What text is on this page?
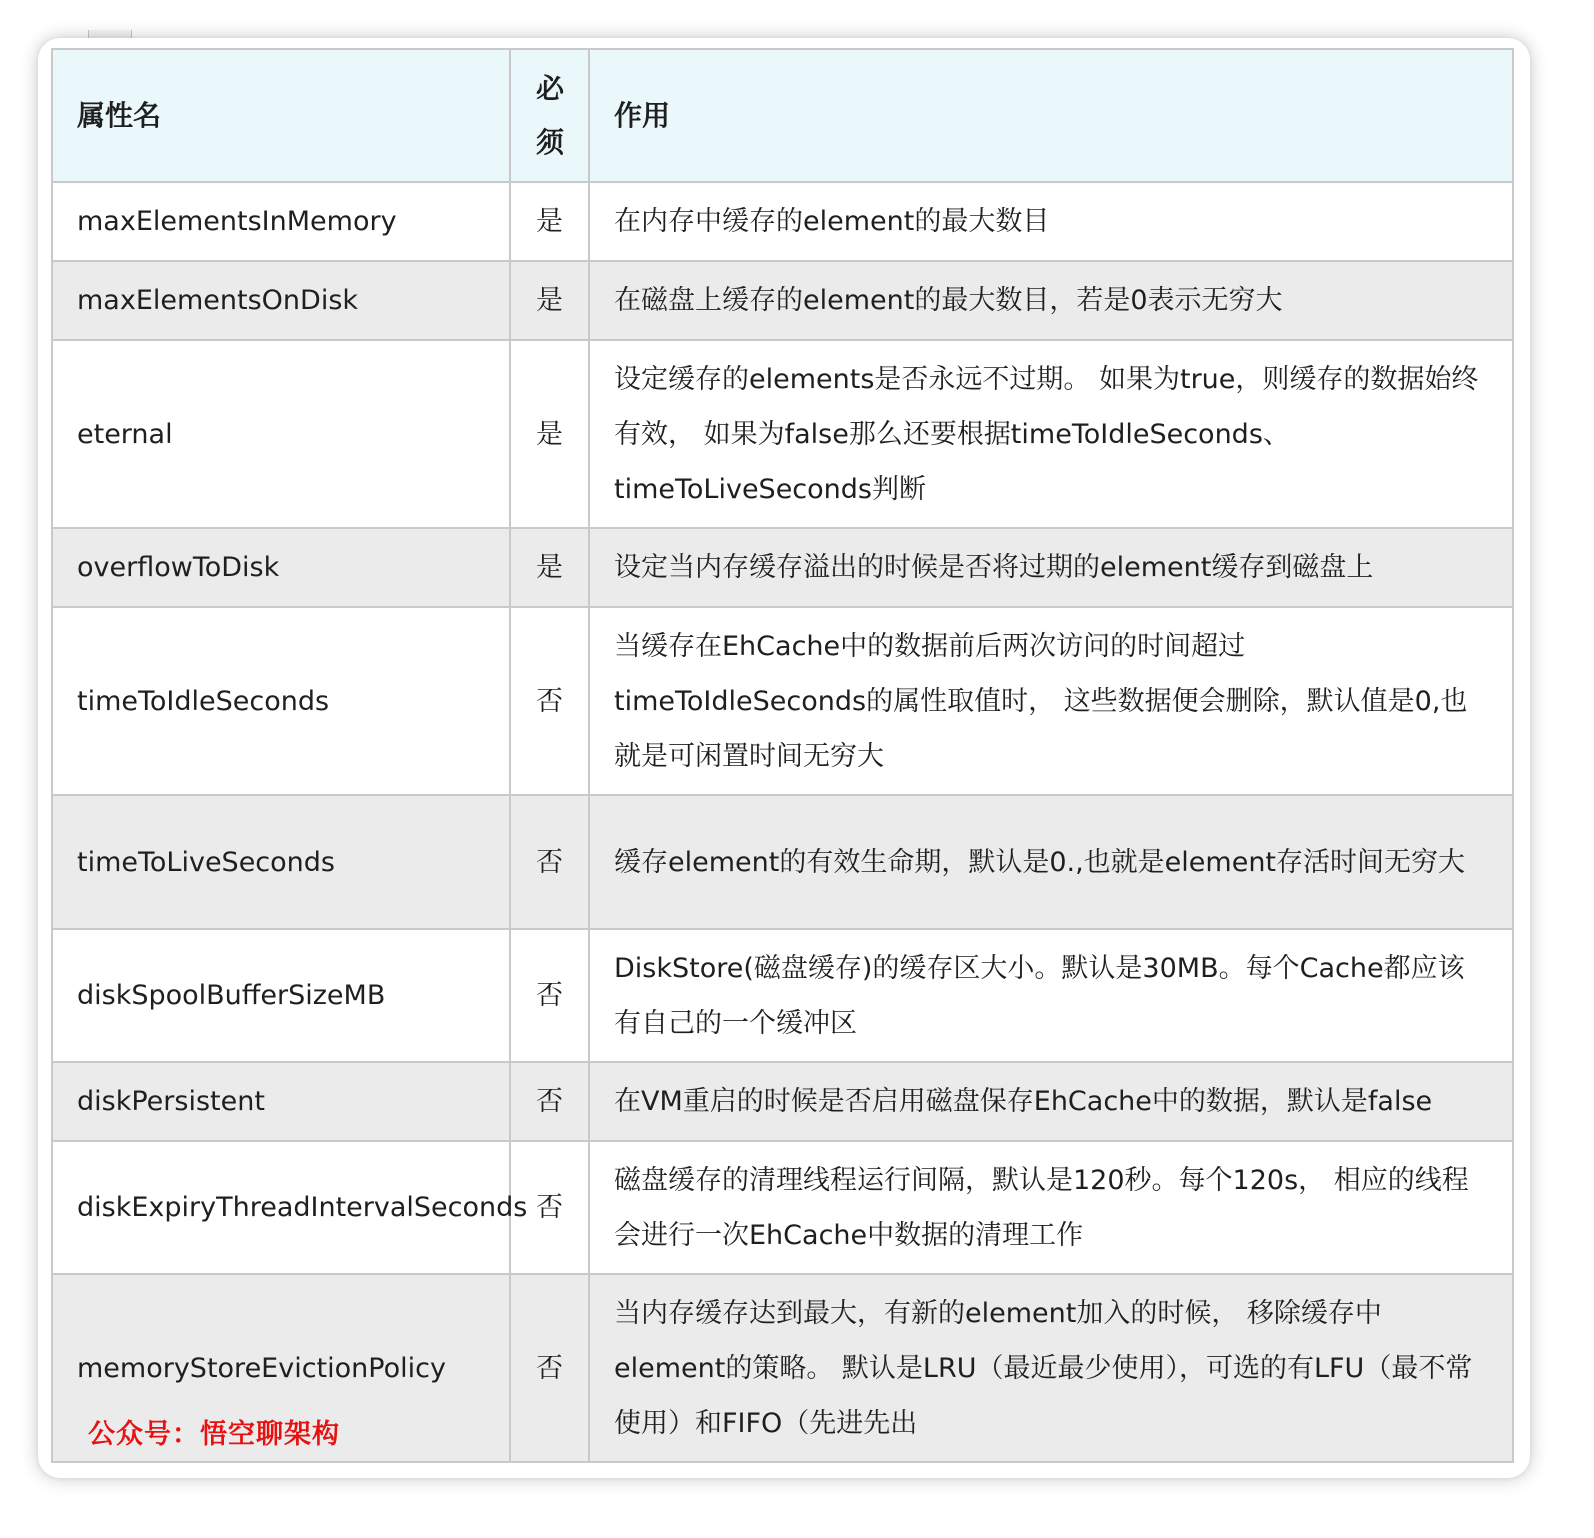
属性名	必须	作用
maxElementsInMemory	是	在内存中缓存的element的最大数目
maxElementsOnDisk	是	在磁盘上缓存的element的最大数目，若是0表示无穷大
eternal	是	设定缓存的elements是否永远不过期。 如果为true，则缓存的数据始终有效， 如果为false那么还要根据timeToIdleSeconds、timeToLiveSeconds判断
overflowToDisk	是	设定当内存缓存溢出的时候是否将过期的element缓存到磁盘上
timeToIdleSeconds	否	当缓存在EhCache中的数据前后两次访问的时间超过timeToIdleSeconds的属性取值时， 这些数据便会删除，默认值是0,也就是可闲置时间无穷大
timeToLiveSeconds	否	缓存element的有效生命期，默认是0.,也就是element存活时间无穷大
diskSpoolBufferSizeMB	否	DiskStore(磁盘缓存)的缓存区大小。默认是30MB。每个Cache都应该有自己的一个缓冲区
diskPersistent	否	在VM重启的时候是否启用磁盘保存EhCache中的数据，默认是false
diskExpiryThreadIntervalSeconds	否	磁盘缓存的清理线程运行间隔，默认是120秒。每个120s， 相应的线程会进行一次EhCache中数据的清理工作
memoryStoreEvictionPolicy	否	当内存缓存达到最大，有新的element加入的时候， 移除缓存中element的策略。 默认是LRU（最近最少使用），可选的有LFU（最不常使用）和FIFO（先进先出
公众号：悟空聊架构
